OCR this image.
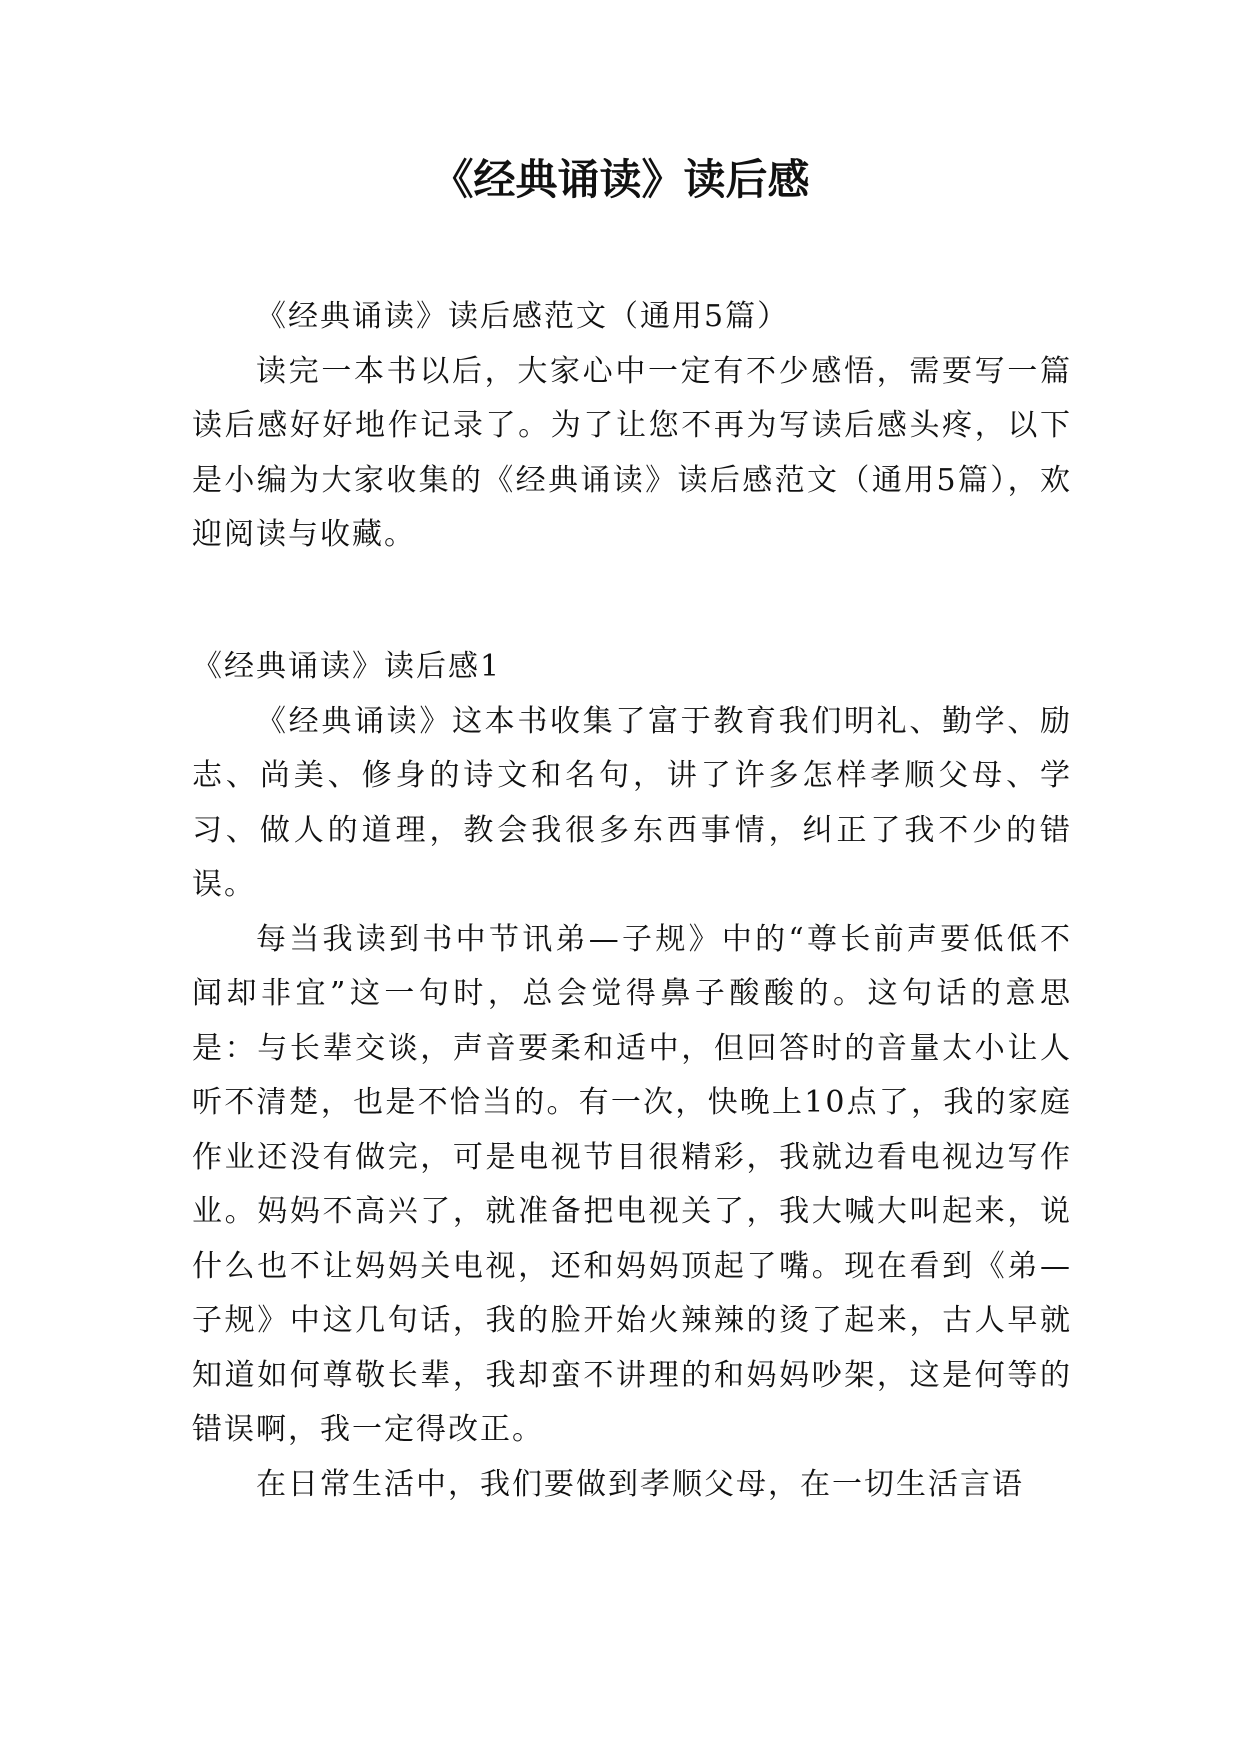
《经典诵读》读后感

《经典诵读》读后感范文（通用5篇）

读完一本书以后，大家心中一定有不少感悟，需要写一篇读后感好好地作记录了。为了让您不再为写读后感头疼，以下是小编为大家收集的《经典诵读》读后感范文（通用5篇），欢迎阅读与收藏。

《经典诵读》读后感1

《经典诵读》这本书收集了富于教育我们明礼、勤学、励志、尚美、修身的诗文和名句，讲了许多怎样孝顺父母、学习、做人的道理，教会我很多东西事情，纠正了我不少的错误。

每当我读到书中节讯弟—子规》中的“尊长前声要低低不闻却非宜”这一句时，总会觉得鼻子酸酸的。这句话的意思是：与长辈交谈，声音要柔和适中，但回答时的音量太小让人听不清楚，也是不恰当的。有一次，快晚上10点了，我的家庭作业还没有做完，可是电视节目很精彩，我就边看电视边写作业。妈妈不高兴了，就准备把电视关了，我大喊大叫起来，说什么也不让妈妈关电视，还和妈妈顶起了嘴。现在看到《弟—子规》中这几句话，我的脸开始火辣辣的烫了起来，古人早就知道如何尊敬长辈，我却蛮不讲理的和妈妈吵架，这是何等的错误啊，我一定得改正。

在日常生活中，我们要做到孝顺父母，在一切生活言语
